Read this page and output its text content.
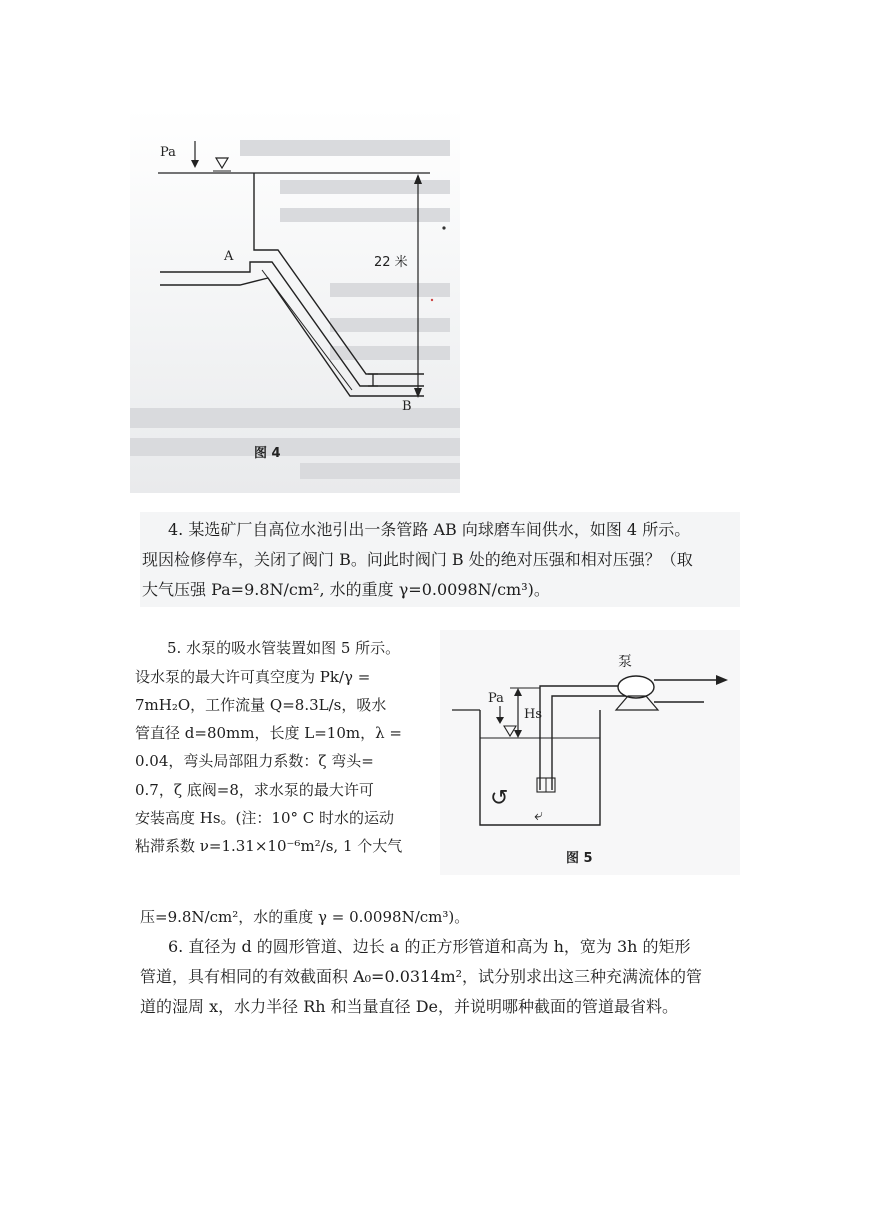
Pa
A
B
22 米
图 4
4. 某选矿厂自高位水池引出一条管路 AB 向球磨车间供水，如图 4 所示。
现因检修停车，关闭了阀门 B。问此时阀门 B 处的绝对压强和相对压强？（取
大气压强 Pa=9.8N/cm², 水的重度 γ=0.0098N/cm³)。
5. 水泵的吸水管装置如图 5 所示。
设水泵的最大许可真空度为 Pk/γ =
7mH₂O，工作流量 Q=8.3L/s，吸水
管直径 d=80mm，长度 L=10m，λ =
0.04，弯头局部阻力系数：ζ 弯头=
0.7，ζ 底阀=8，求水泵的最大许可
安装高度 Hs。(注：10° C 时水的运动
粘滞系数 ν=1.31×10⁻⁶m²/s, 1 个大气
↺
⤶
泵
Pa
Hs
图 5
压=9.8N/cm²，水的重度 γ = 0.0098N/cm³)。
6. 直径为 d 的圆形管道、边长 a 的正方形管道和高为 h，宽为 3h 的矩形
管道，具有相同的有效截面积 A₀=0.0314m²，试分别求出这三种充满流体的管
道的湿周 x，水力半径 Rh 和当量直径 De，并说明哪种截面的管道最省料。
